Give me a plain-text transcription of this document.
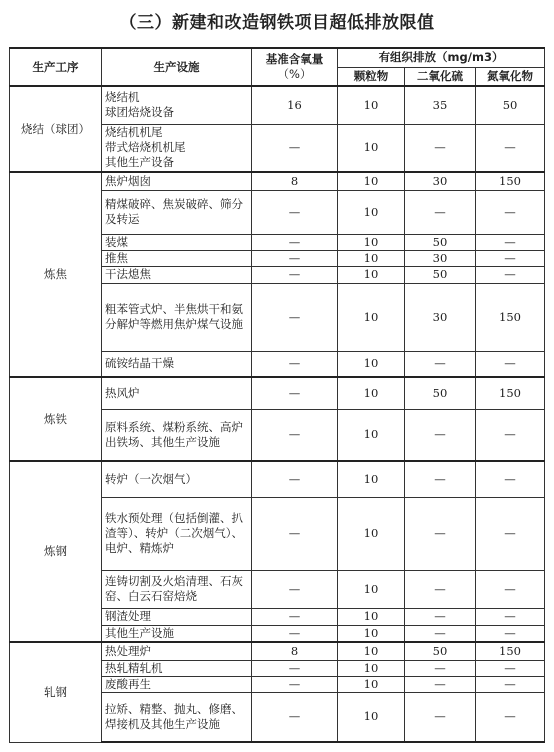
（三）新建和改造钢铁项目超低排放限值
生产工序	生产设施	基准含氧量
（%）	有组织排放（mg/m3）		
			颗粒物	二氧化硫	氮氧化物
烧结（球团）	烧结机
球团焙烧设备	16	10	35	50
	烧结机机尾
带式焙烧机机尾
其他生产设备	—	10	—	—
炼焦	焦炉烟囱	8	10	30	150
	精煤破碎、焦炭破碎、筛分及转运	—	10	—	—
	装煤	—	10	50	—
	推焦	—	10	30	—
	干法熄焦	—	10	50	—
	粗苯管式炉、半焦烘干和氨分解炉等燃用焦炉煤气设施	—	10	30	150
	硫铵结晶干燥	—	10	—	—
炼铁	热风炉	—	10	50	150
	原料系统、煤粉系统、高炉出铁场、其他生产设施	—	10	—	—
炼钢	转炉（一次烟气）	—	10	—	—
	铁水预处理（包括倒灌、扒渣等）、转炉（二次烟气）、电炉、精炼炉	—	10	—	—
	连铸切割及火焰清理、石灰窑、白云石窑焙烧	—	10	—	—
	钢渣处理	—	10	—	—
	其他生产设施	—	10	—	—
轧钢	热处理炉	8	10	50	150
	热轧精轧机	—	10	—	—
	废酸再生	—	10	—	—
	拉矫、精整、抛丸、修磨、焊接机及其他生产设施	—	10	—	—
